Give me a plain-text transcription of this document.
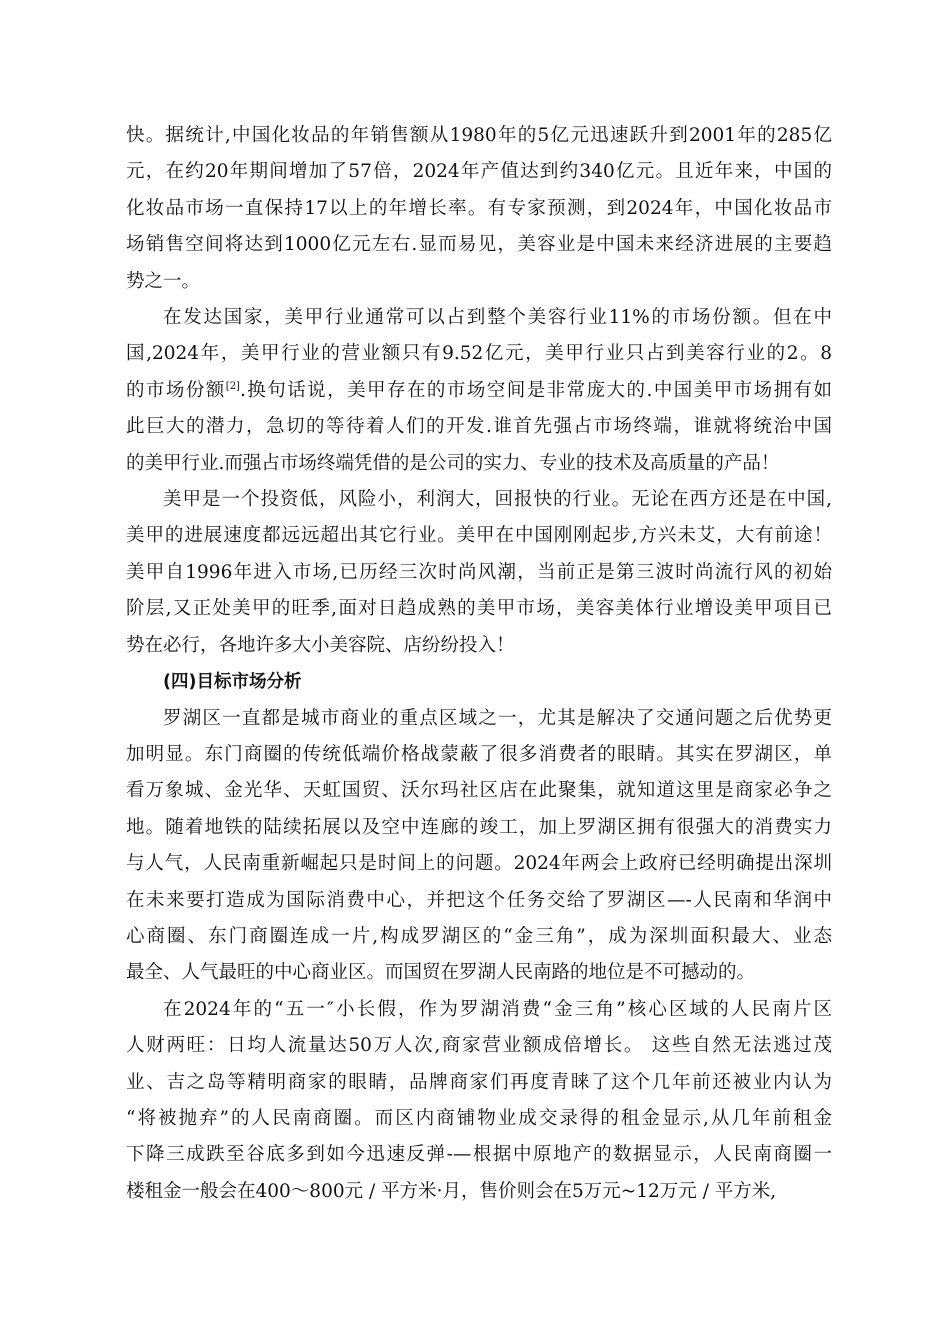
快。据统计,中国化妆品的年销售额从1980年的5亿元迅速跃升到2001年的285亿
元，在约20年期间增加了57倍，2024年产值达到约340亿元。且近年来，中国的
化妆品市场一直保持17以上的年增长率。有专家预测，到2024年，中国化妆品市
场销售空间将达到1000亿元左右.显而易见，美容业是中国未来经济进展的主要趋
势之一。

在发达国家，美甲行业通常可以占到整个美容行业11%的市场份额。但在中
国,2024年，美甲行业的营业额只有9.52亿元，美甲行业只占到美容行业的2。8
的市场份额[2].换句话说，美甲存在的市场空间是非常庞大的.中国美甲市场拥有如
此巨大的潜力，急切的等待着人们的开发.谁首先强占市场终端，谁就将统治中国
的美甲行业.而强占市场终端凭借的是公司的实力、专业的技术及高质量的产品！

美甲是一个投资低，风险小，利润大，回报快的行业。无论在西方还是在中国,
美甲的进展速度都远远超出其它行业。美甲在中国刚刚起步,方兴未艾，大有前途！
美甲自1996年进入市场,已历经三次时尚风潮，当前正是第三波时尚流行风的初始
阶层,又正处美甲的旺季,面对日趋成熟的美甲市场，美容美体行业增设美甲项目已
势在必行，各地许多大小美容院、店纷纷投入！

(四)目标市场分析

罗湖区一直都是城市商业的重点区域之一，尤其是解决了交通问题之后优势更
加明显。东门商圈的传统低端价格战蒙蔽了很多消费者的眼睛。其实在罗湖区，单
看万象城、金光华、天虹国贸、沃尔玛社区店在此聚集，就知道这里是商家必争之
地。随着地铁的陆续拓展以及空中连廊的竣工，加上罗湖区拥有很强大的消费实力
与人气，人民南重新崛起只是时间上的问题。2024年两会上政府已经明确提出深圳
在未来要打造成为国际消费中心，并把这个任务交给了罗湖区—-人民南和华润中
心商圈、东门商圈连成一片,构成罗湖区的“金三角”，成为深圳面积最大、业态
最全、人气最旺的中心商业区。而国贸在罗湖人民南路的地位是不可撼动的。

在2024年的“五一″小长假，作为罗湖消费“金三角”核心区域的人民南片区
人财两旺：日均人流量达50万人次,商家营业额成倍增长。 这些自然无法逃过茂
业、吉之岛等精明商家的眼睛，品牌商家们再度青睐了这个几年前还被业内认为
“将被抛弃”的人民南商圈。而区内商铺物业成交录得的租金显示,从几年前租金
下降三成跌至谷底多到如今迅速反弹-—根据中原地产的数据显示，人民南商圈一
楼租金一般会在400～800元 / 平方米·月，售价则会在5万元~12万元 / 平方米,
